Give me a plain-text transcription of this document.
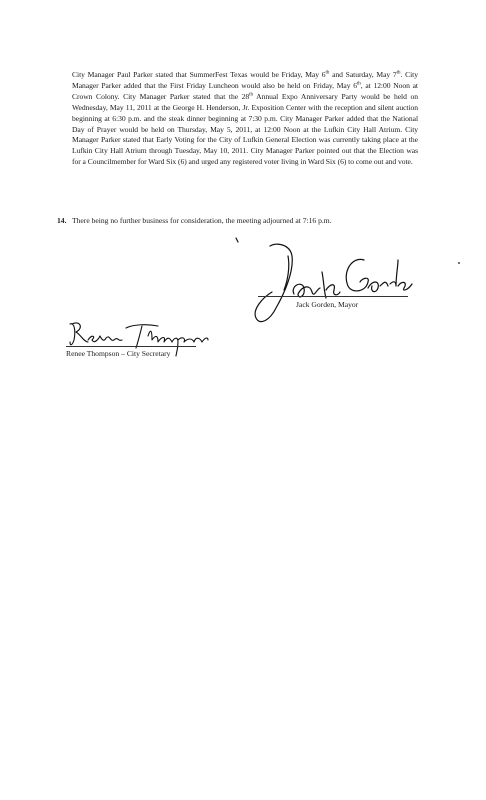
City Manager Paul Parker stated that SummerFest Texas would be Friday, May 6th and Saturday, May 7th. City Manager Parker added that the First Friday Luncheon would also be held on Friday, May 6th, at 12:00 Noon at Crown Colony. City Manager Parker stated that the 28th Annual Expo Anniversary Party would be held on Wednesday, May 11, 2011 at the George H. Henderson, Jr. Exposition Center with the reception and silent auction beginning at 6:30 p.m. and the steak dinner beginning at 7:30 p.m. City Manager Parker added that the National Day of Prayer would be held on Thursday, May 5, 2011, at 12:00 Noon at the Lufkin City Hall Atrium. City Manager Parker stated that Early Voting for the City of Lufkin General Election was currently taking place at the Lufkin City Hall Atrium through Tuesday, May 10, 2011. City Manager Parker pointed out that the Election was for a Councilmember for Ward Six (6) and urged any registered voter living in Ward Six (6) to come out and vote.
14. There being no further business for consideration, the meeting adjourned at 7:16 p.m.
Jack Gorden, Mayor
Renee Thompson – City Secretary
